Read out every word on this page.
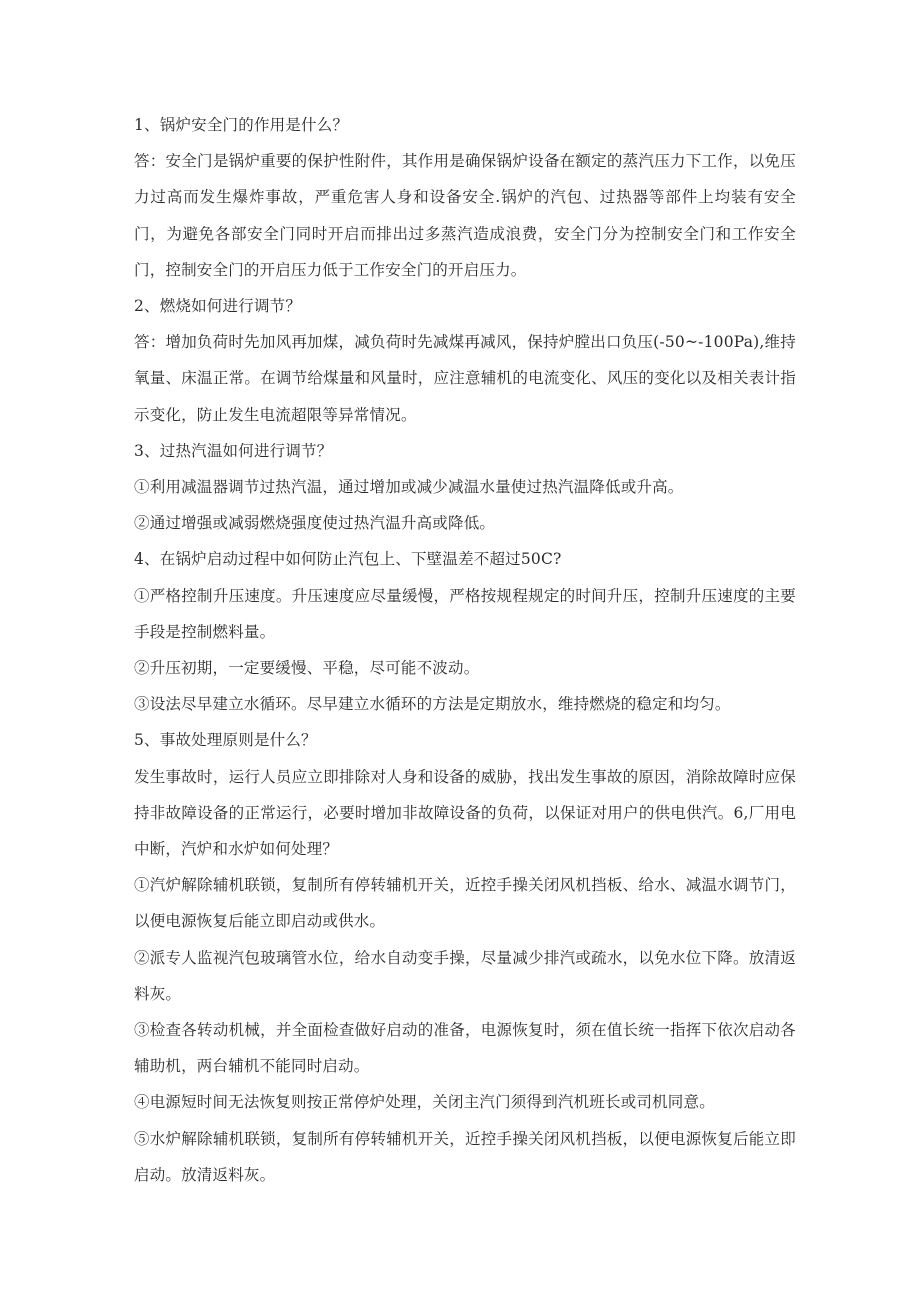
1、锅炉安全门的作用是什么？

答：安全门是锅炉重要的保护性附件，其作用是确保锅炉设备在额定的蒸汽压力下工作，以免压力过高而发生爆炸事故，严重危害人身和设备安全.锅炉的汽包、过热器等部件上均装有安全门，为避免各部安全门同时开启而排出过多蒸汽造成浪费，安全门分为控制安全门和工作安全门，控制安全门的开启压力低于工作安全门的开启压力。

2、燃烧如何进行调节？

答：增加负荷时先加风再加煤，减负荷时先减煤再减风，保持炉膛出口负压(-50~-100Pa),维持氧量、床温正常。在调节给煤量和风量时，应注意辅机的电流变化、风压的变化以及相关表计指示变化，防止发生电流超限等异常情况。

3、过热汽温如何进行调节？

①利用减温器调节过热汽温，通过增加或减少减温水量使过热汽温降低或升高。

②通过增强或减弱燃烧强度使过热汽温升高或降低。

4、在锅炉启动过程中如何防止汽包上、下壁温差不超过50C?

①严格控制升压速度。升压速度应尽量缓慢，严格按规程规定的时间升压，控制升压速度的主要手段是控制燃料量。

②升压初期，一定要缓慢、平稳，尽可能不波动。

③设法尽早建立水循环。尽早建立水循环的方法是定期放水，维持燃烧的稳定和均匀。

5、事故处理原则是什么？

发生事故时，运行人员应立即排除对人身和设备的威胁，找出发生事故的原因，消除故障时应保持非故障设备的正常运行，必要时增加非故障设备的负荷，以保证对用户的供电供汽。6,厂用电中断，汽炉和水炉如何处理？

①汽炉解除辅机联锁，复制所有停转辅机开关，近控手操关闭风机挡板、给水、减温水调节门，以便电源恢复后能立即启动或供水。

②派专人监视汽包玻璃管水位，给水自动变手操，尽量减少排汽或疏水，以免水位下降。放清返料灰。

③检查各转动机械，并全面检查做好启动的准备，电源恢复时，须在值长统一指挥下依次启动各辅助机，两台辅机不能同时启动。

④电源短时间无法恢复则按正常停炉处理，关闭主汽门须得到汽机班长或司机同意。

⑤水炉解除辅机联锁，复制所有停转辅机开关，近控手操关闭风机挡板，以便电源恢复后能立即启动。放清返料灰。
